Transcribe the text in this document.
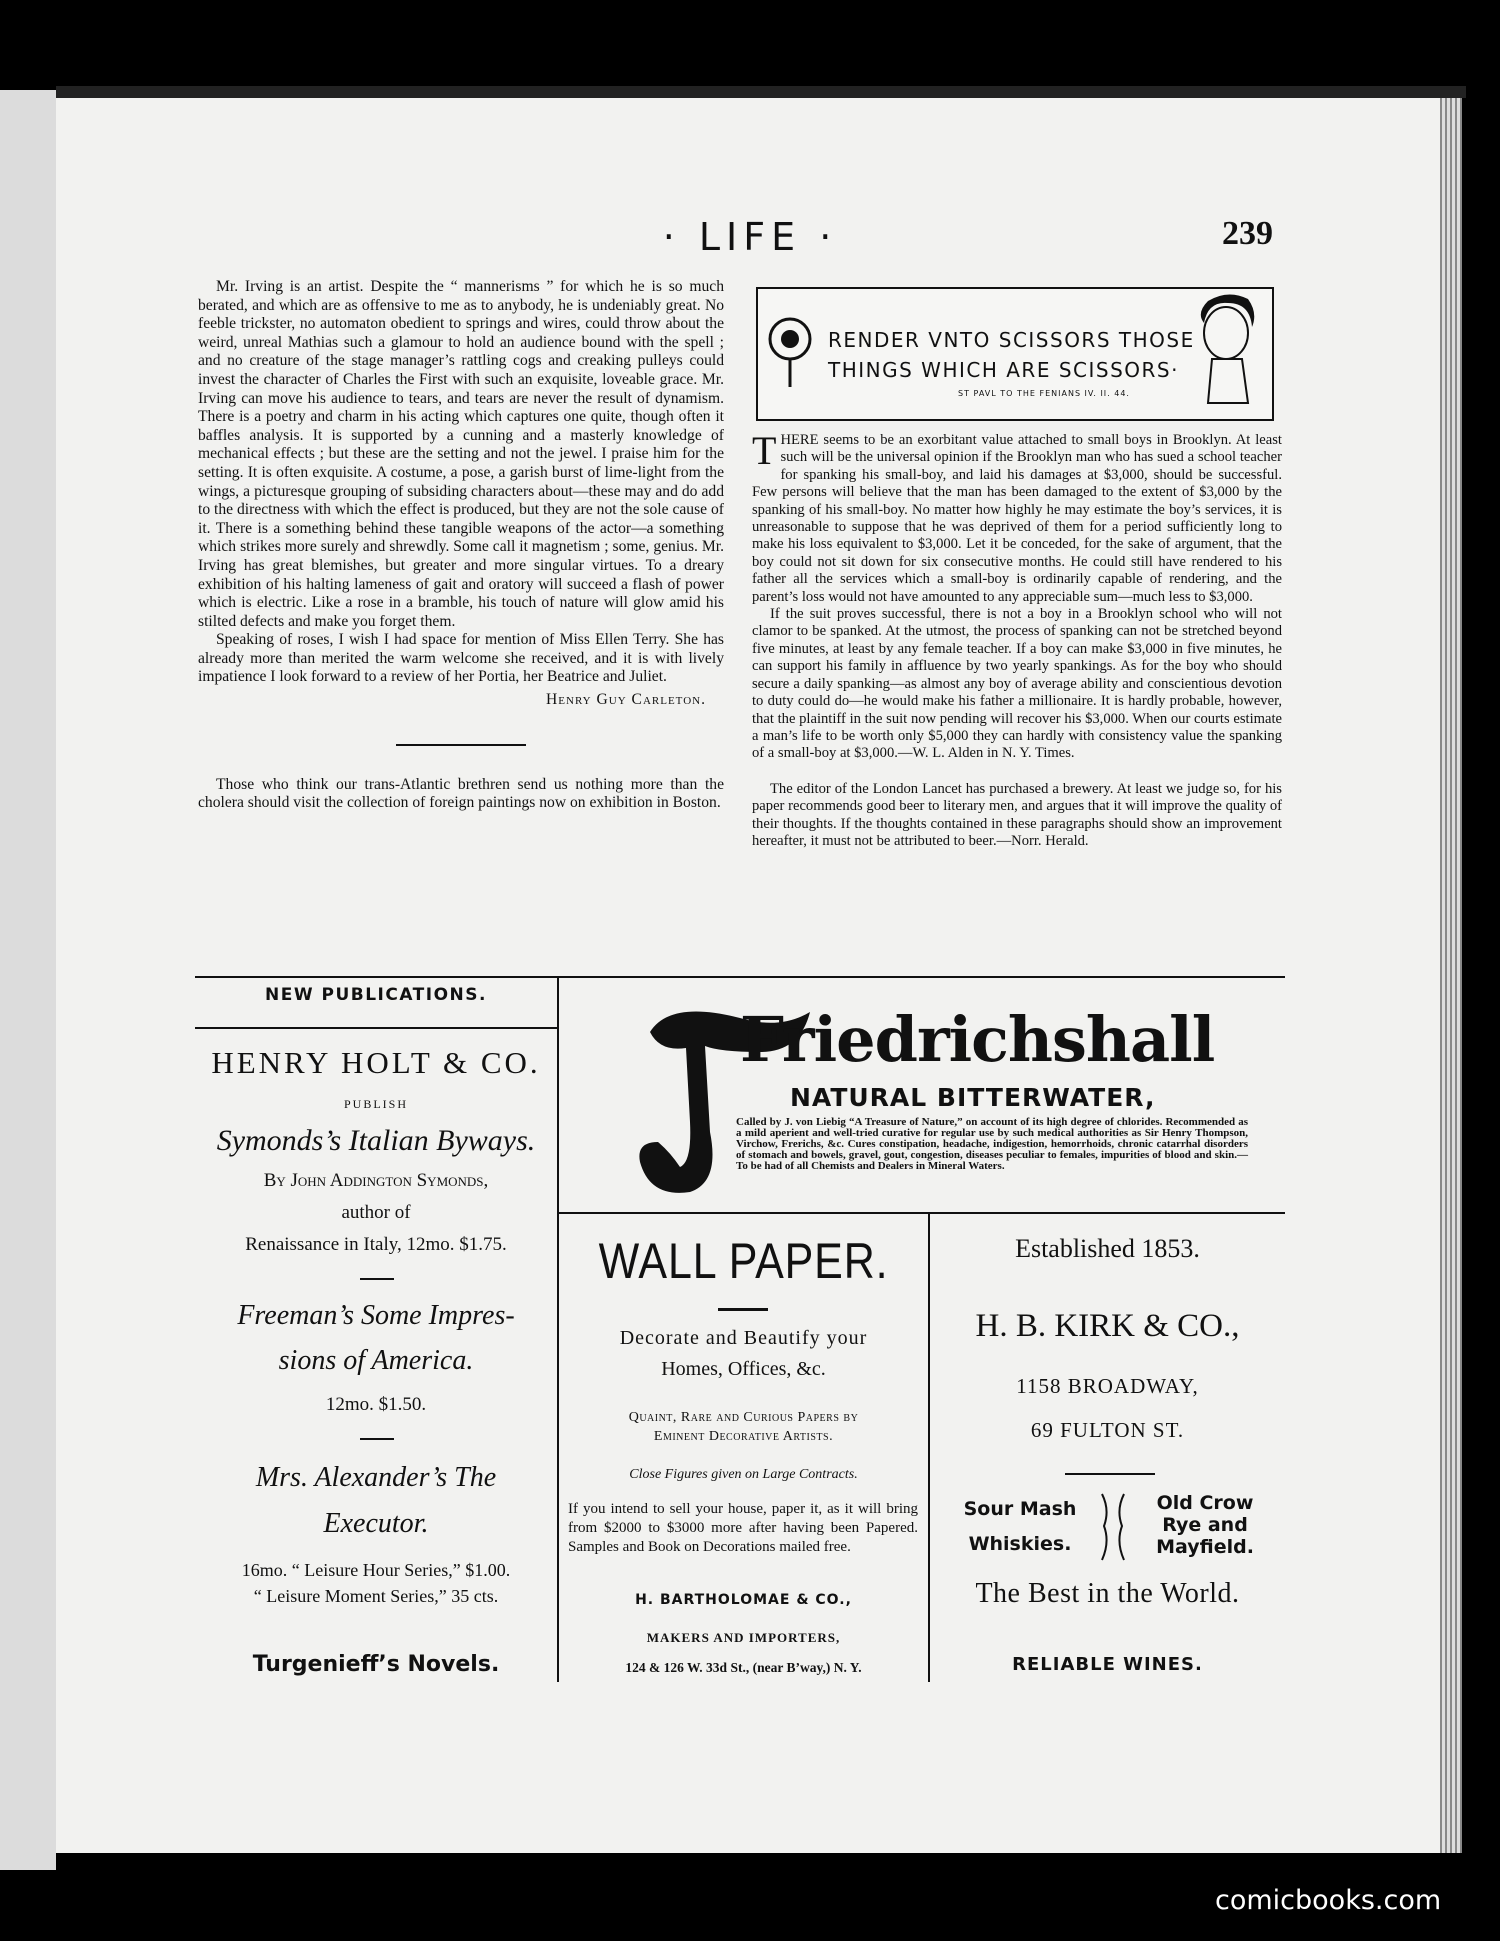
· LIFE ·	239

Mr. Irving is an artist. Despite the “ mannerisms ” for which he is so much berated, and which are as offensive to me as to anybody, he is undeniably great. No feeble trickster, no automaton obedient to springs and wires, could throw about the weird, unreal Mathias such a glamour to hold an audience bound with the spell ; and no creature of the stage manager’s rattling cogs and creaking pulleys could invest the character of Charles the First with such an exquisite, loveable grace. Mr. Irving can move his audience to tears, and tears are never the result of dynamism. There is a poetry and charm in his acting which captures one quite, though often it baffles analysis. It is supported by a cunning and a masterly knowledge of mechanical effects ; but these are the setting and not the jewel. I praise him for the setting. It is often exquisite. A costume, a pose, a garish burst of lime-light from the wings, a picturesque grouping of subsiding characters about—these may and do add to the directness with which the effect is produced, but they are not the sole cause of it. There is a something behind these tangible weapons of the actor—a something which strikes more surely and shrewdly. Some call it magnetism ; some, genius. Mr. Irving has great blemishes, but greater and more singular virtues. To a dreary exhibition of his halting lameness of gait and oratory will succeed a flash of power which is electric. Like a rose in a bramble, his touch of nature will glow amid his stilted defects and make you forget them.

Speaking of roses, I wish I had space for mention of Miss Ellen Terry. She has already more than merited the warm welcome she received, and it is with lively impatience I look forward to a review of her Portia, her Beatrice and Juliet.

Henry Guy Carleton.

Those who think our trans-Atlantic brethren send us nothing more than the cholera should visit the collection of foreign paintings now on exhibition in Boston.

RENDER VNTO SCISSORS THOSE
THINGS WHICH ARE SCISSORS·
ST PAVL TO THE FENIANS IV. II. 44.

THERE seems to be an exorbitant value attached to small boys in Brooklyn. At least such will be the universal opinion if the Brooklyn man who has sued a school teacher for spanking his small-boy, and laid his damages at $3,000, should be successful. Few persons will believe that the man has been damaged to the extent of $3,000 by the spanking of his small-boy. No matter how highly he may estimate the boy’s services, it is unreasonable to suppose that he was deprived of them for a period sufficiently long to make his loss equivalent to $3,000. Let it be conceded, for the sake of argument, that the boy could not sit down for six consecutive months. He could still have rendered to his father all the services which a small-boy is ordinarily capable of rendering, and the parent’s loss would not have amounted to any appreciable sum—much less to $3,000.

If the suit proves successful, there is not a boy in a Brooklyn school who will not clamor to be spanked. At the utmost, the process of spanking can not be stretched beyond five minutes, at least by any female teacher. If a boy can make $3,000 in five minutes, he can support his family in affluence by two yearly spankings. As for the boy who should secure a daily spanking—as almost any boy of average ability and conscientious devotion to duty could do—he would make his father a millionaire. It is hardly probable, however, that the plaintiff in the suit now pending will recover his $3,000. When our courts estimate a man’s life to be worth only $5,000 they can hardly with consistency value the spanking of a small-boy at $3,000.—W. L. Alden in N. Y. Times.

The editor of the London Lancet has purchased a brewery. At least we judge so, for his paper recommends good beer to literary men, and argues that it will improve the quality of their thoughts. If the thoughts contained in these paragraphs should show an improvement hereafter, it must not be attributed to beer.—Norr. Herald.

NEW PUBLICATIONS.
HENRY HOLT & CO.
PUBLISH
Symonds’s Italian Byways.
By John Addington Symonds,
author of
Renaissance in Italy, 12mo. $1.75.
Freeman’s Some Impres-
sions of America.
12mo. $1.50.
Mrs. Alexander’s The
Executor.
16mo. “ Leisure Hour Series,” $1.00.
“ Leisure Moment Series,” 35 cts.
Turgenieff’s Novels.
Friedrichshall
NATURAL BITTERWATER,
Called by J. von Liebig “A Treasure of Nature,” on account of its high degree of chlorides. Recommended as a mild aperient and well-tried curative for regular use by such medical authorities as Sir Henry Thompson, Virchow, Frerichs, &c. Cures constipation, headache, indigestion, hemorrhoids, chronic catarrhal disorders of stomach and bowels, gravel, gout, congestion, diseases peculiar to females, impurities of blood and skin.—To be had of all Chemists and Dealers in Mineral Waters.
WALL PAPER.
Decorate and Beautify your
Homes, Offices, &c.
Quaint, Rare and Curious Papers by
Eminent Decorative Artists.
Close Figures given on Large Contracts.
If you intend to sell your house, paper it, as it will bring from $2000 to $3000 more after having been Papered. Samples and Book on Decorations mailed free.
H. BARTHOLOMAE & CO.,
MAKERS AND IMPORTERS,
124 & 126 W. 33d St., (near B’way,) N. Y.
Established 1853.
H. B. KIRK & CO.,
1158 BROADWAY,
69 FULTON ST.
Sour Mash
Whiskies.
Old Crow
Rye and
Mayfield.
The Best in the World.
RELIABLE WINES.
comicbooks.com
